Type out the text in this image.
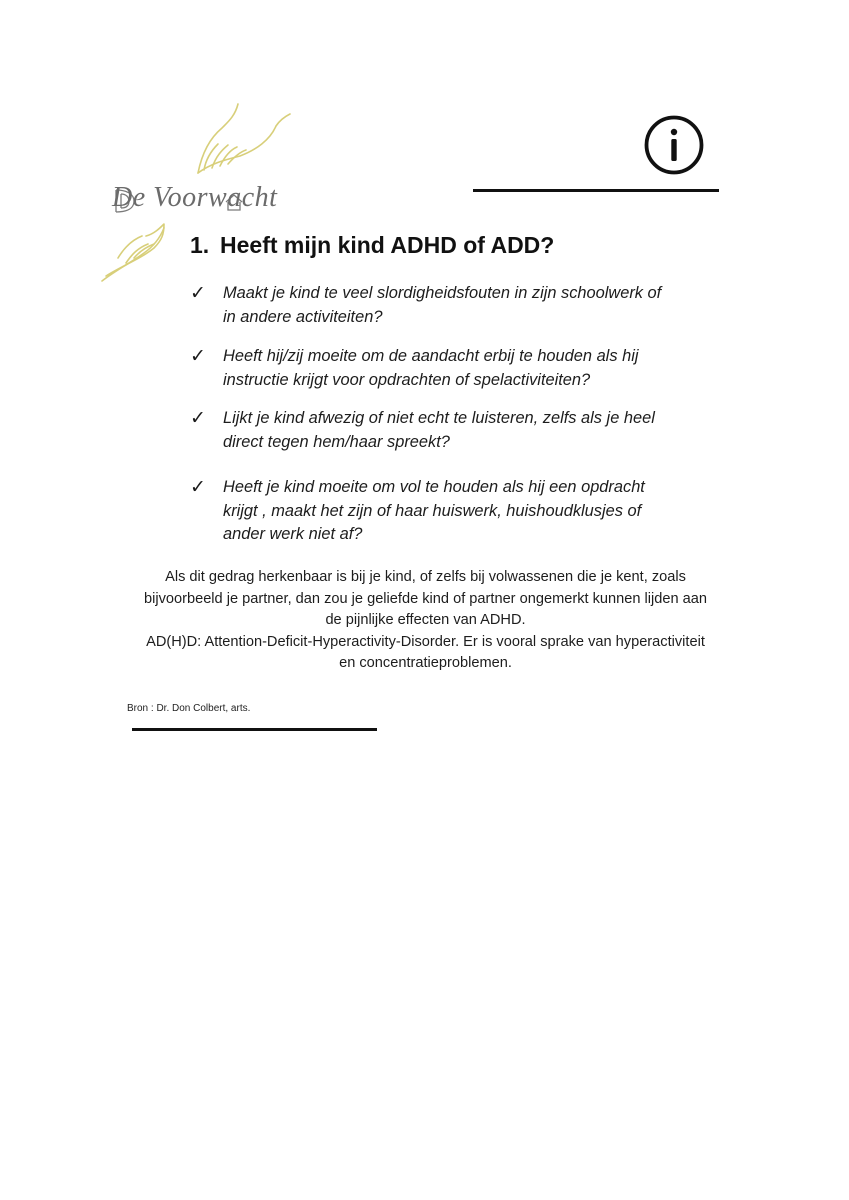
De Voorwacht
1. Heeft mijn kind ADHD of ADD?
✓	Maakt je kind te veel slordigheidsfouten in zijn schoolwerk of in andere activiteiten?
✓	Heeft hij/zij moeite om de aandacht erbij te houden als hij instructie krijgt voor opdrachten of spelactiviteiten?
✓	Lijkt je kind afwezig of niet echt te luisteren, zelfs als je heel direct tegen hem/haar spreekt?
✓	Heeft je kind moeite om vol te houden als hij een opdracht krijgt , maakt het zijn of haar huiswerk, huishoudklusjes of ander werk niet af?

Als dit gedrag herkenbaar is bij je kind, of zelfs bij volwassenen die je kent, zoals bijvoorbeeld je partner, dan zou je geliefde kind of partner ongemerkt kunnen lijden aan de pijnlijke effecten van ADHD.
AD(H)D: Attention-Deficit-Hyperactivity-Disorder. Er is vooral sprake van hyperactiviteit en concentratieproblemen.

Bron : Dr. Don Colbert, arts.
